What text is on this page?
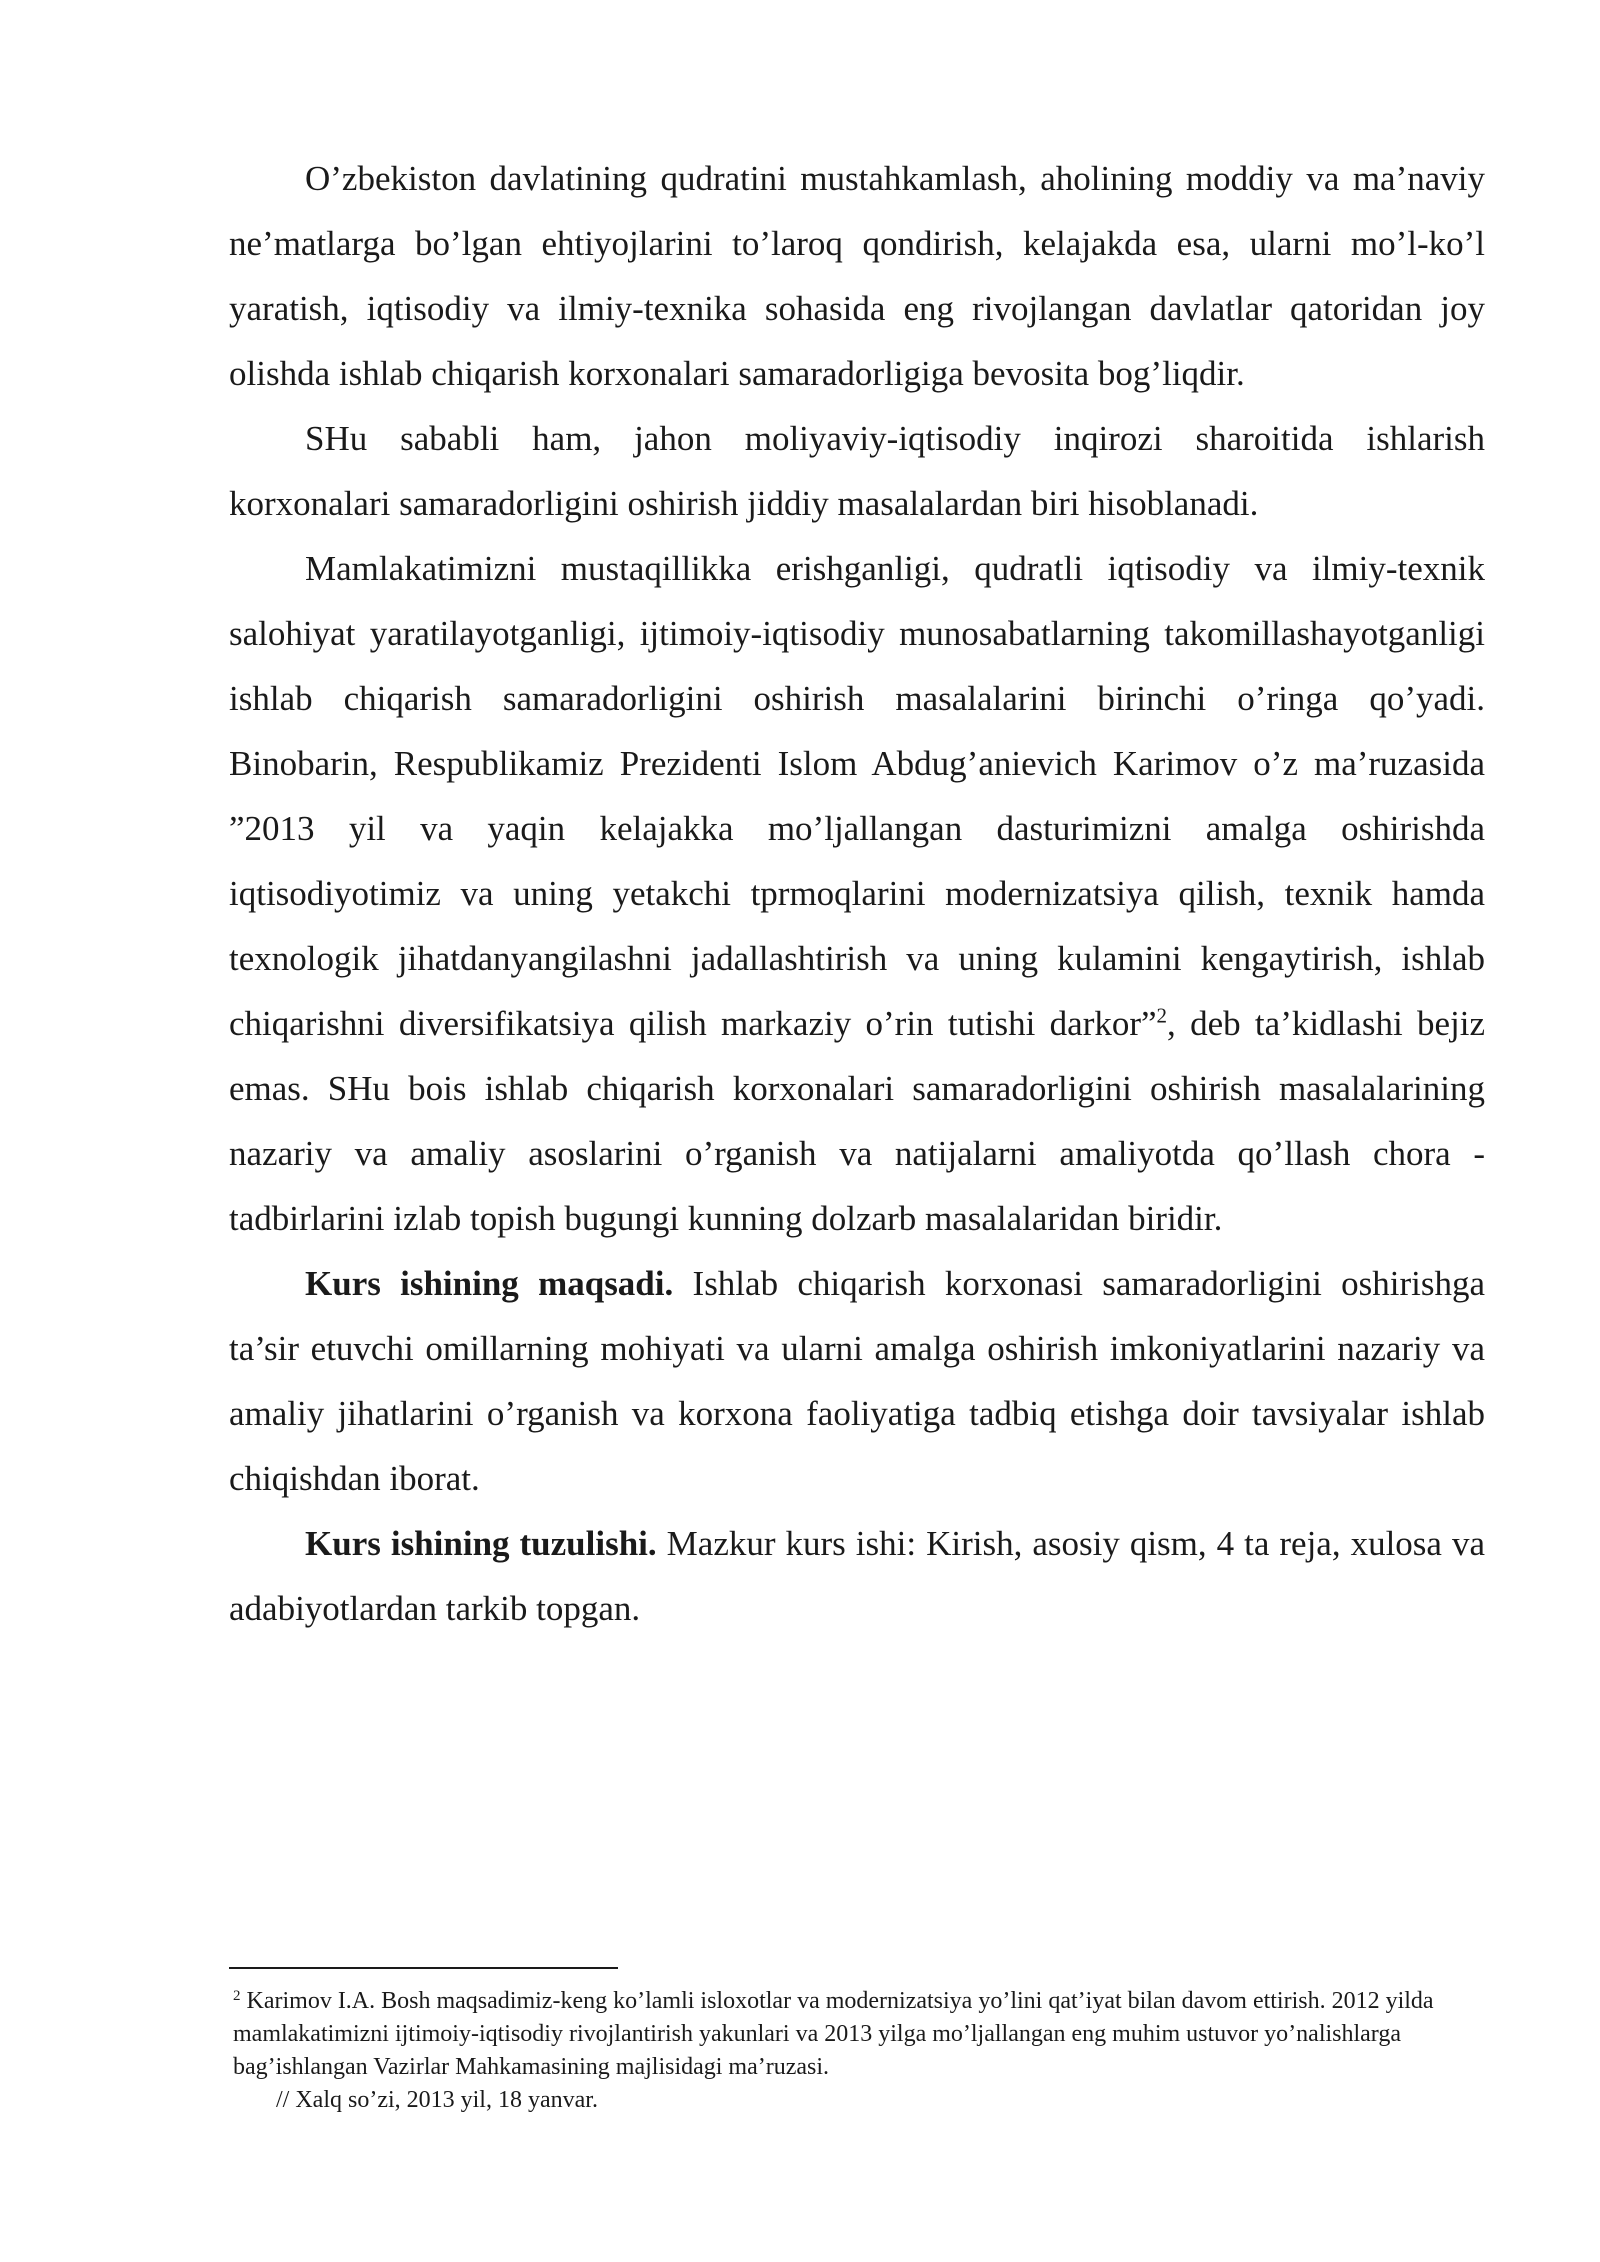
O’zbekiston davlatining qudratini mustahkamlash, aholining moddiy va ma’naviy ne’matlarga bo’lgan ehtiyojlarini to’laroq qondirish, kelajakda esa, ularni mo’l-ko’l yaratish, iqtisodiy va ilmiy-texnika sohasida eng rivojlangan davlatlar qatoridan joy olishda ishlab chiqarish korxonalari samaradorligiga bevosita bog’liqdir.

SHu sababli ham, jahon moliyaviy-iqtisodiy inqirozi sharoitida ishlarish korxonalari samaradorligini oshirish jiddiy masalalardan biri hisoblanadi.

Mamlakatimizni mustaqillikka erishganligi, qudratli iqtisodiy va ilmiy-texnik salohiyat yaratilayotganligi, ijtimoiy-iqtisodiy munosabatlarning takomillashayotganligi ishlab chiqarish samaradorligini oshirish masalalarini birinchi o’ringa qo’yadi. Binobarin, Respublikamiz Prezidenti Islom Abdug’anievich Karimov o’z ma’ruzasida ”2013 yil va yaqin kelajakka mo’ljallangan dasturimizni amalga oshirishda iqtisodiyotimiz va uning yetakchi tprmoqlarini modernizatsiya qilish, texnik hamda texnologik jihatdanyangilashni jadallashtirish va uning kulamini kengaytirish, ishlab chiqarishni diversifikatsiya qilish markaziy o’rin tutishi darkor”$^2$, deb ta’kidlashi bejiz emas. SHu bois ishlab chiqarish korxonalari samaradorligini oshirish masalalarining nazariy va amaliy asoslarini o’rganish va natijalarni amaliyotda qo’llash chora - tadbirlarini izlab topish bugungi kunning dolzarb masalalaridan biridir.

Kurs ishining maqsadi. Ishlab chiqarish korxonasi samaradorligini oshirishga ta’sir etuvchi omillarning mohiyati va ularni amalga oshirish imkoniyatlarini nazariy va amaliy jihatlarini o’rganish va korxona faoliyatiga tadbiq etishga doir tavsiyalar ishlab chiqishdan iborat.

Kurs ishining tuzulishi. Mazkur kurs ishi: Kirish, asosiy qism, 4 ta reja, xulosa va adabiyotlardan tarkib topgan.

$^2$ Karimov I.A. Bosh maqsadimiz-keng ko’lamli isloxotlar va modernizatsiya yo’lini qat’iyat bilan davom ettirish. 2012 yilda mamlakatimizni ijtimoiy-iqtisodiy rivojlantirish yakunlari va 2013 yilga mo’ljallangan eng muhim ustuvor yo’nalishlarga bag’ishlangan Vazirlar Mahkamasining majlisidagi ma’ruzasi.
// Xalq so’zi, 2013 yil, 18 yanvar.
